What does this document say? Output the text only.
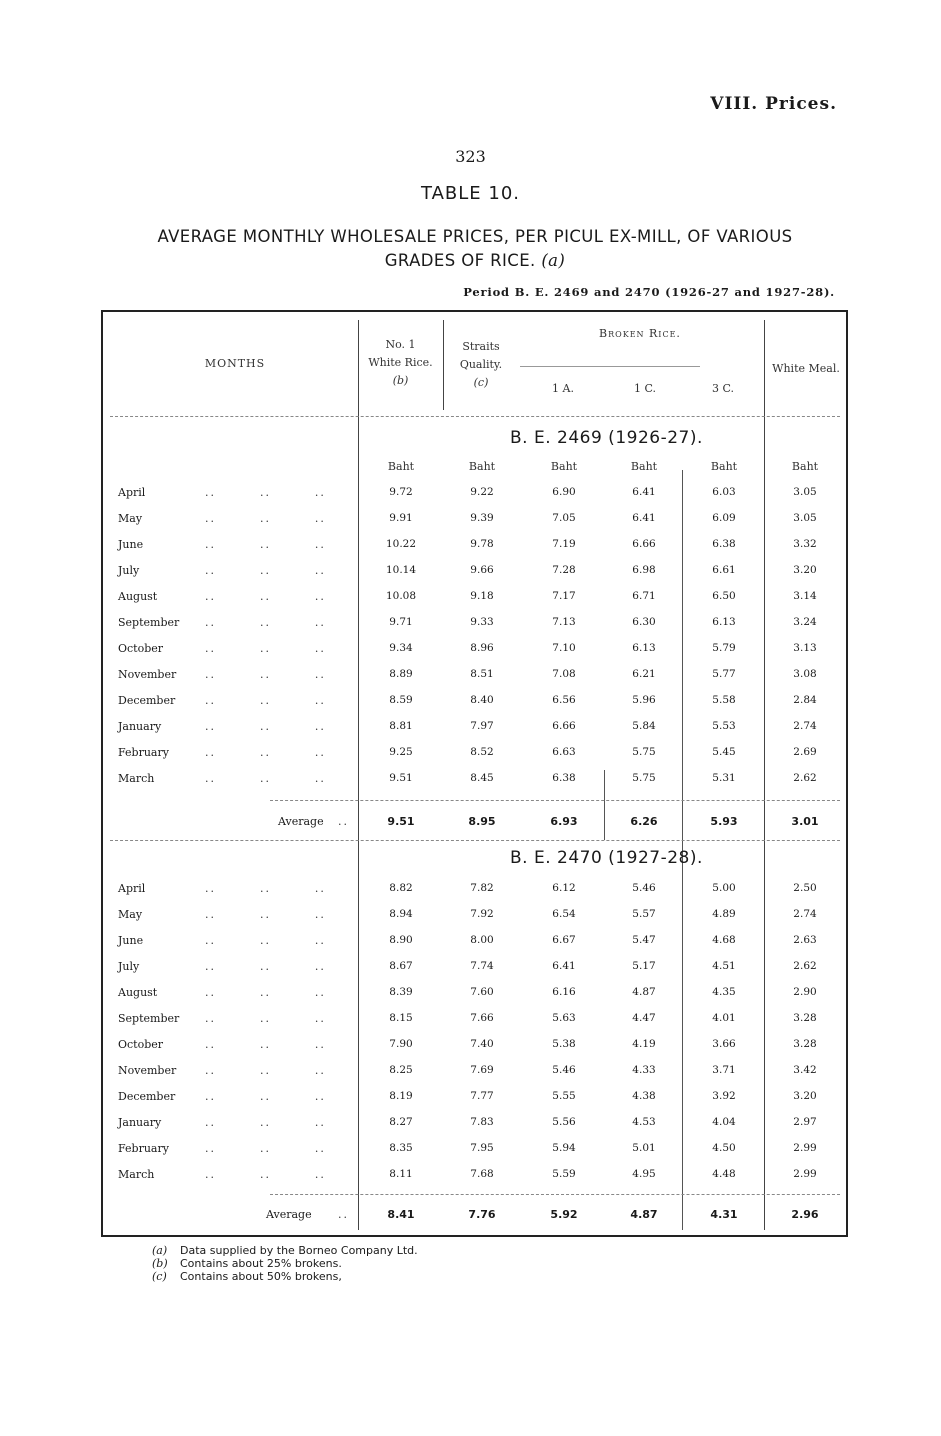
VIII. Prices.
323
TABLE 10.
AVERAGE MONTHLY WHOLESALE PRICES, PER PICUL EX-MILL, OF VARIOUS
GRADES OF RICE. (a)
Period B. E. 2469 and 2470 (1926-27 and 1927-28).
MONTHS
No. 1
White Rice.
(b)
Straits
Quality.
(c)
Broken Rice.
1 A.	1 C.	3 C.
White Meal.
B. E. 2469 (1926-27).
Baht	Baht	Baht	Baht	Baht	Baht
April	..        ..        ..	9.72	9.22	6.90	6.41	6.03	3.05
May	..        ..        ..	9.91	9.39	7.05	6.41	6.09	3.05
June	..        ..        ..	10.22	9.78	7.19	6.66	6.38	3.32
July	..        ..        ..	10.14	9.66	7.28	6.98	6.61	3.20
August	..        ..        ..	10.08	9.18	7.17	6.71	6.50	3.14
September ..        ..        ..	9.71	9.33	7.13	6.30	6.13	3.24
October	..        ..        ..	9.34	8.96	7.10	6.13	5.79	3.13
November	..        ..        ..	8.89	8.51	7.08	6.21	5.77	3.08
December	..        ..        ..	8.59	8.40	6.56	5.96	5.58	2.84
January	..        ..        ..	8.81	7.97	6.66	5.84	5.53	2.74
February	..        ..        ..	9.25	8.52	6.63	5.75	5.45	2.69
March	..        ..        ..	9.51	8.45	6.38	5.75	5.31	2.62
Average ..	9.51	8.95	6.93	6.26	5.93	3.01
B. E. 2470 (1927-28).
April	..        ..        ..	8.82	7.82	6.12	5.46	5.00	2.50
May	..        ..        ..	8.94	7.92	6.54	5.57	4.89	2.74
June	..        ..        ..	8.90	8.00	6.67	5.47	4.68	2.63
July	..        ..        ..	8.67	7.74	6.41	5.17	4.51	2.62
August	..        ..        ..	8.39	7.60	6.16	4.87	4.35	2.90
September ..        ..        ..	8.15	7.66	5.63	4.47	4.01	3.28
October	..        ..        ..	7.90	7.40	5.38	4.19	3.66	3.28
November	..        ..        ..	8.25	7.69	5.46	4.33	3.71	3.42
December	..        ..        ..	8.19	7.77	5.55	4.38	3.92	3.20
January	..        ..        ..	8.27	7.83	5.56	4.53	4.04	2.97
February	..        ..        ..	8.35	7.95	5.94	5.01	4.50	2.99
March	..        ..        ..	8.11	7.68	5.59	4.95	4.48	2.99
Average ..	8.41	7.76	5.92	4.87	4.31	2.96
(a)	Data supplied by the Borneo Company Ltd.
(b)	Contains about 25% brokens.
(c)	Contains about 50% brokens,
